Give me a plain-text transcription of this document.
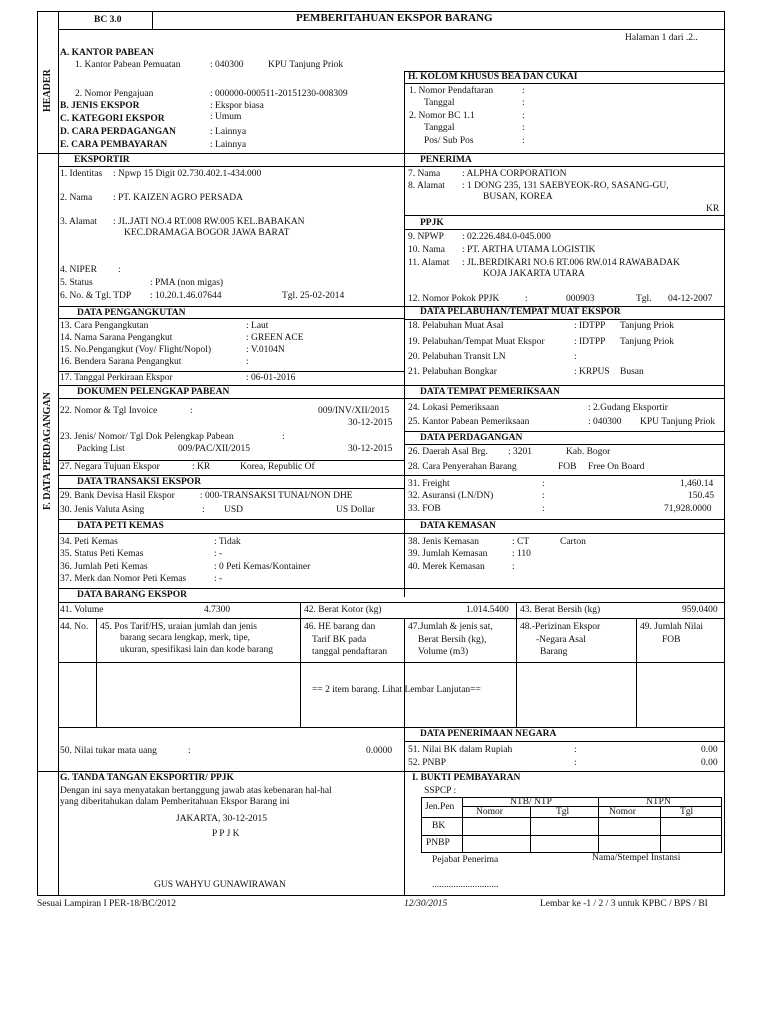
HEADER
F. DATA PERDAGANGAN
BC 3.0	PEMBERITAHUAN EKSPOR BARANG
Halaman 1 dari .2..
A. KANTOR PABEAN
1. Kantor Pabean Pemuatan	: 040300	KPU Tanjung Priok
2. Nomor Pengajuan	: 000000-000511-20151230-008309
B. JENIS EKSPOR	: Ekspor biasa
C. KATEGORI EKSPOR	: Umum
D. CARA PERDAGANGAN	: Lainnya
E. CARA PEMBAYARAN	: Lainnya
H. KOLOM KHUSUS BEA DAN CUKAI
1. Nomor Pendaftaran	:
Tanggal	:
2. Nomor BC 1.1	:
Tanggal	:
Pos/ Sub Pos	:
EKSPORTIR
1. Identitas : Npwp 15 Digit 02.730.402.1-434.000
2. Nama : PT. KAIZEN AGRO PERSADA
3. Alamat : JL.JATI NO.4 RT.008 RW.005 KEL.BABAKAN
KEC.DRAMAGA BOGOR JAWA BARAT
4. NIPER :
5. Status	: PMA (non migas)
6. No. & Tgl. TDP : 10.20.1.46.07644	Tgl. 25-02-2014
PENERIMA
7. Nama : ALPHA CORPORATION
8. Alamat : 1 DONG 235, 131 SAEBYEOK-RO, SASANG-GU,
BUSAN, KOREA
KR
PPJK
9. NPWP : 02.226.484.0-045.000
10. Nama : PT. ARTHA UTAMA LOGISTIK
11. Alamat : JL.BERDIKARI NO.6 RT.006 RW.014 RAWABADAK
KOJA JAKARTA UTARA
12. Nomor Pokok PPJK	:	000903	Tgl. 04-12-2007
DATA PENGANGKUTAN
13. Cara Pengangkutan	: Laut
14. Nama Sarana Pengangkut	: GREEN ACE
15. No.Pengangkut (Voy/ Flight/Nopol)	: V.0104N
16. Bendera Sarana Pengangkut	:
17. Tanggal Perkiraan Ekspor	: 06-01-2016
DATA PELABUHAN/TEMPAT MUAT EKSPOR
18. Pelabuhan Muat Asal	: IDTPP Tanjung Priok
19. Pelabuhan/Tempat Muat Ekspor	: IDTPP Tanjung Priok
20. Pelabuhan Transit LN	:
21. Pelabuhan Bongkar	: KRPUS Busan
DOKUMEN PELENGKAP PABEAN
22. Nomor & Tgl Invoice	:	009/INV/XII/2015
30-12-2015
23. Jenis/ Nomor/ Tgl Dok Pelengkap Pabean	:
Packing List	009/PAC/XII/2015	30-12-2015
27. Negara Tujuan Ekspor	: KR	Korea, Republic Of
DATA TEMPAT PEMERIKSAAN
24. Lokasi Pemeriksaan	: 2.Gudang Eksportir
25. Kantor Pabean Pemeriksaan	: 040300 KPU Tanjung Priok
DATA PERDAGANGAN
26. Daerah Asal Brg. : 3201	Kab. Bogor
28. Cara Penyerahan Barang	FOB Free On Board
DATA TRANSAKSI EKSPOR
29. Bank Devisa Hasil Ekspor	: 000-TRANSAKSI TUNAI/NON DHE
30. Jenis Valuta Asing	: USD	US Dollar
31. Freight	:	1,460.14
32. Asuransi (LN/DN)	:	150.45
33. FOB	:	71,928.0000
DATA PETI KEMAS
34. Peti Kemas	: Tidak
35. Status Peti Kemas	: -
36. Jumlah Peti Kemas	: 0 Peti Kemas/Kontainer
37. Merk dan Nomor Peti Kemas	: -
DATA KEMASAN
38. Jenis Kemasan	: CT	Carton
39. Jumlah Kemasan	: 110
40. Merek Kemasan	:
DATA BARANG EKSPOR
41. Volume	4.7300	42. Berat Kotor (kg)	1.014.5400 43. Berat Bersih (kg)	959.0400
44. No. 45. Pos Tarif/HS, uraian jumlah dan jenis
barang secara lengkap, merk, tipe,
ukuran, spesifikasi lain dan kode barang
46. HE barang dan
Tarif BK pada
tanggal pendaftaran
47.Jumlah & jenis sat,
Berat Bersih (kg),
Volume (m3)
48.-Perizinan Ekspor
-Negara Asal
Barang
49. Jumlah Nilai
FOB
== 2 item barang. Lihat Lembar Lanjutan==
50. Nilai tukar mata uang	:	0.0000
DATA PENERIMAAN NEGARA
51. Nilai BK dalam Rupiah	:	0.00
52. PNBP	:	0.00
G. TANDA TANGAN EKSPORTIR/ PPJK
Dengan ini saya menyatakan bertanggung jawab atas kebenaran hal-hal
yang diberitahukan dalam Pemberitahuan Ekspor Barang ini
JAKARTA, 30-12-2015
P P J K
GUS WAHYU GUNAWIRAWAN
I. BUKTI PEMBAYARAN
SSPCP :
Jen.Pen	NTB/ NTP	NTPN
Nomor	Tgl	Nomor	Tgl
BK
PNBP
Pejabat Penerima	Nama/Stempel Instansi
............................
Sesuai Lampiran I PER-18/BC/2012	12/30/2015	Lembar ke -1 / 2 / 3 untuk KPBC / BPS / BI
